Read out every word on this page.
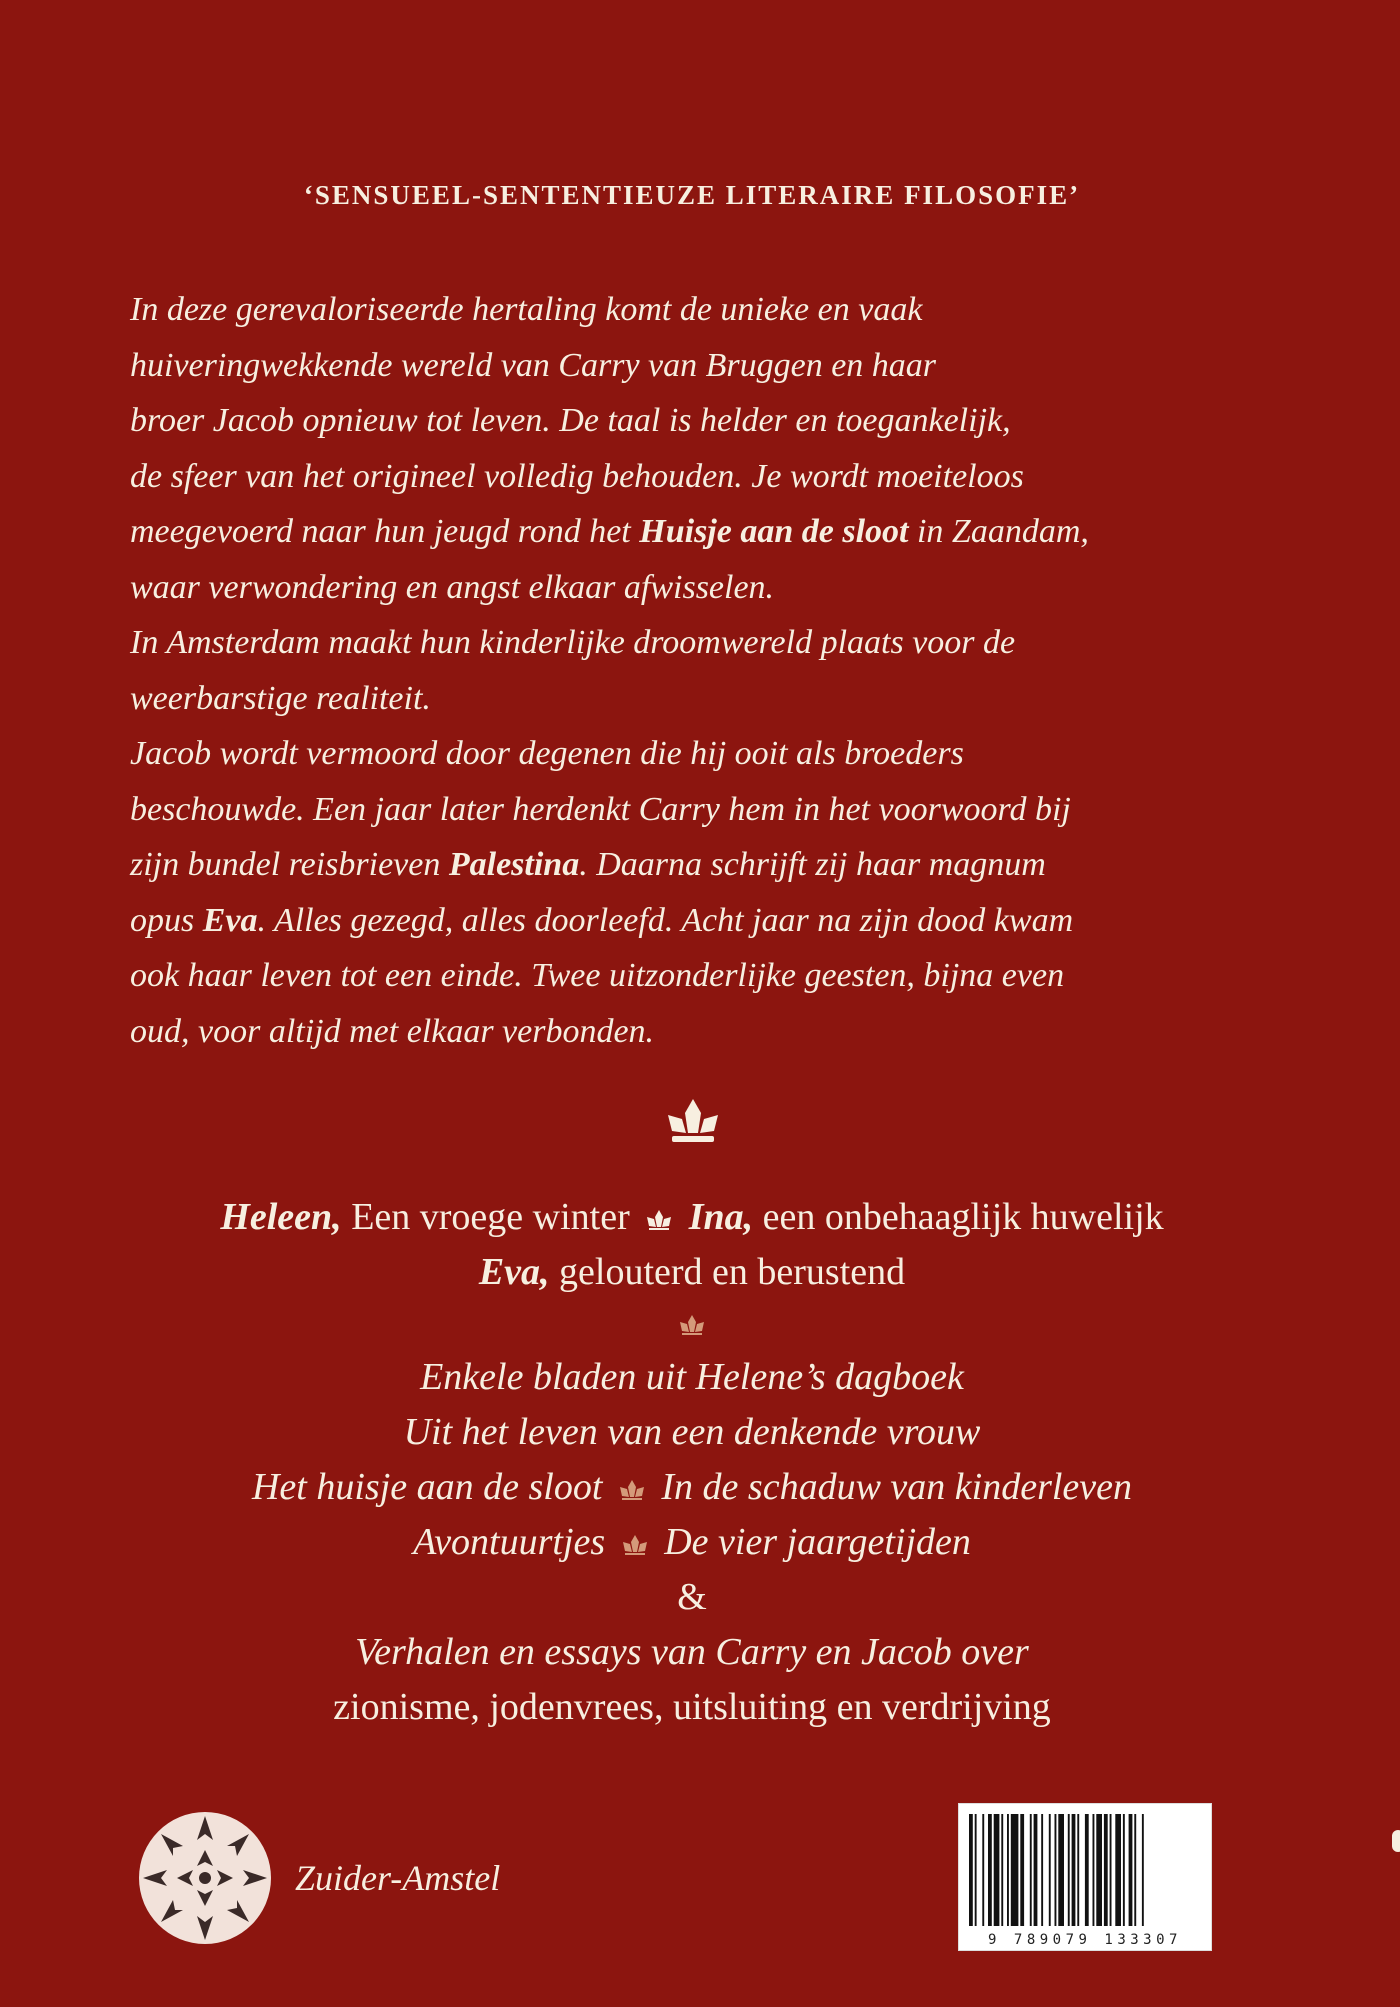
‘SENSUEEL-SENTENTIEUZE LITERAIRE FILOSOFIE’
In deze gerevaloriseerde hertaling komt de unieke en vaak
huiveringwekkende wereld van Carry van Bruggen en haar
broer Jacob opnieuw tot leven. De taal is helder en toegankelijk,
de sfeer van het origineel volledig behouden. Je wordt moeiteloos
meegevoerd naar hun jeugd rond het Huisje aan de sloot in Zaandam,
waar verwondering en angst elkaar afwisselen.
In Amsterdam maakt hun kinderlijke droomwereld plaats voor de
weerbarstige realiteit.
Jacob wordt vermoord door degenen die hij ooit als broeders
beschouwde. Een jaar later herdenkt Carry hem in het voorwoord bij
zijn bundel reisbrieven Palestina. Daarna schrijft zij haar magnum
opus Eva. Alles gezegd, alles doorleefd. Acht jaar na zijn dood kwam
ook haar leven tot een einde. Twee uitzonderlijke geesten, bijna even
oud, voor altijd met elkaar verbonden.
Heleen, Een vroege winter Ina, een onbehaaglijk huwelijk
Eva, gelouterd en berustend
Enkele bladen uit Helene’s dagboek
Uit het leven van een denkende vrouw
Het huisje aan de sloot In de schaduw van kinderleven
Avontuurtjes De vier jaargetijden
&
Verhalen en essays van Carry en Jacob over
zionisme, jodenvrees, uitsluiting en verdrijving
Zuider-Amstel
9 789079 133307
